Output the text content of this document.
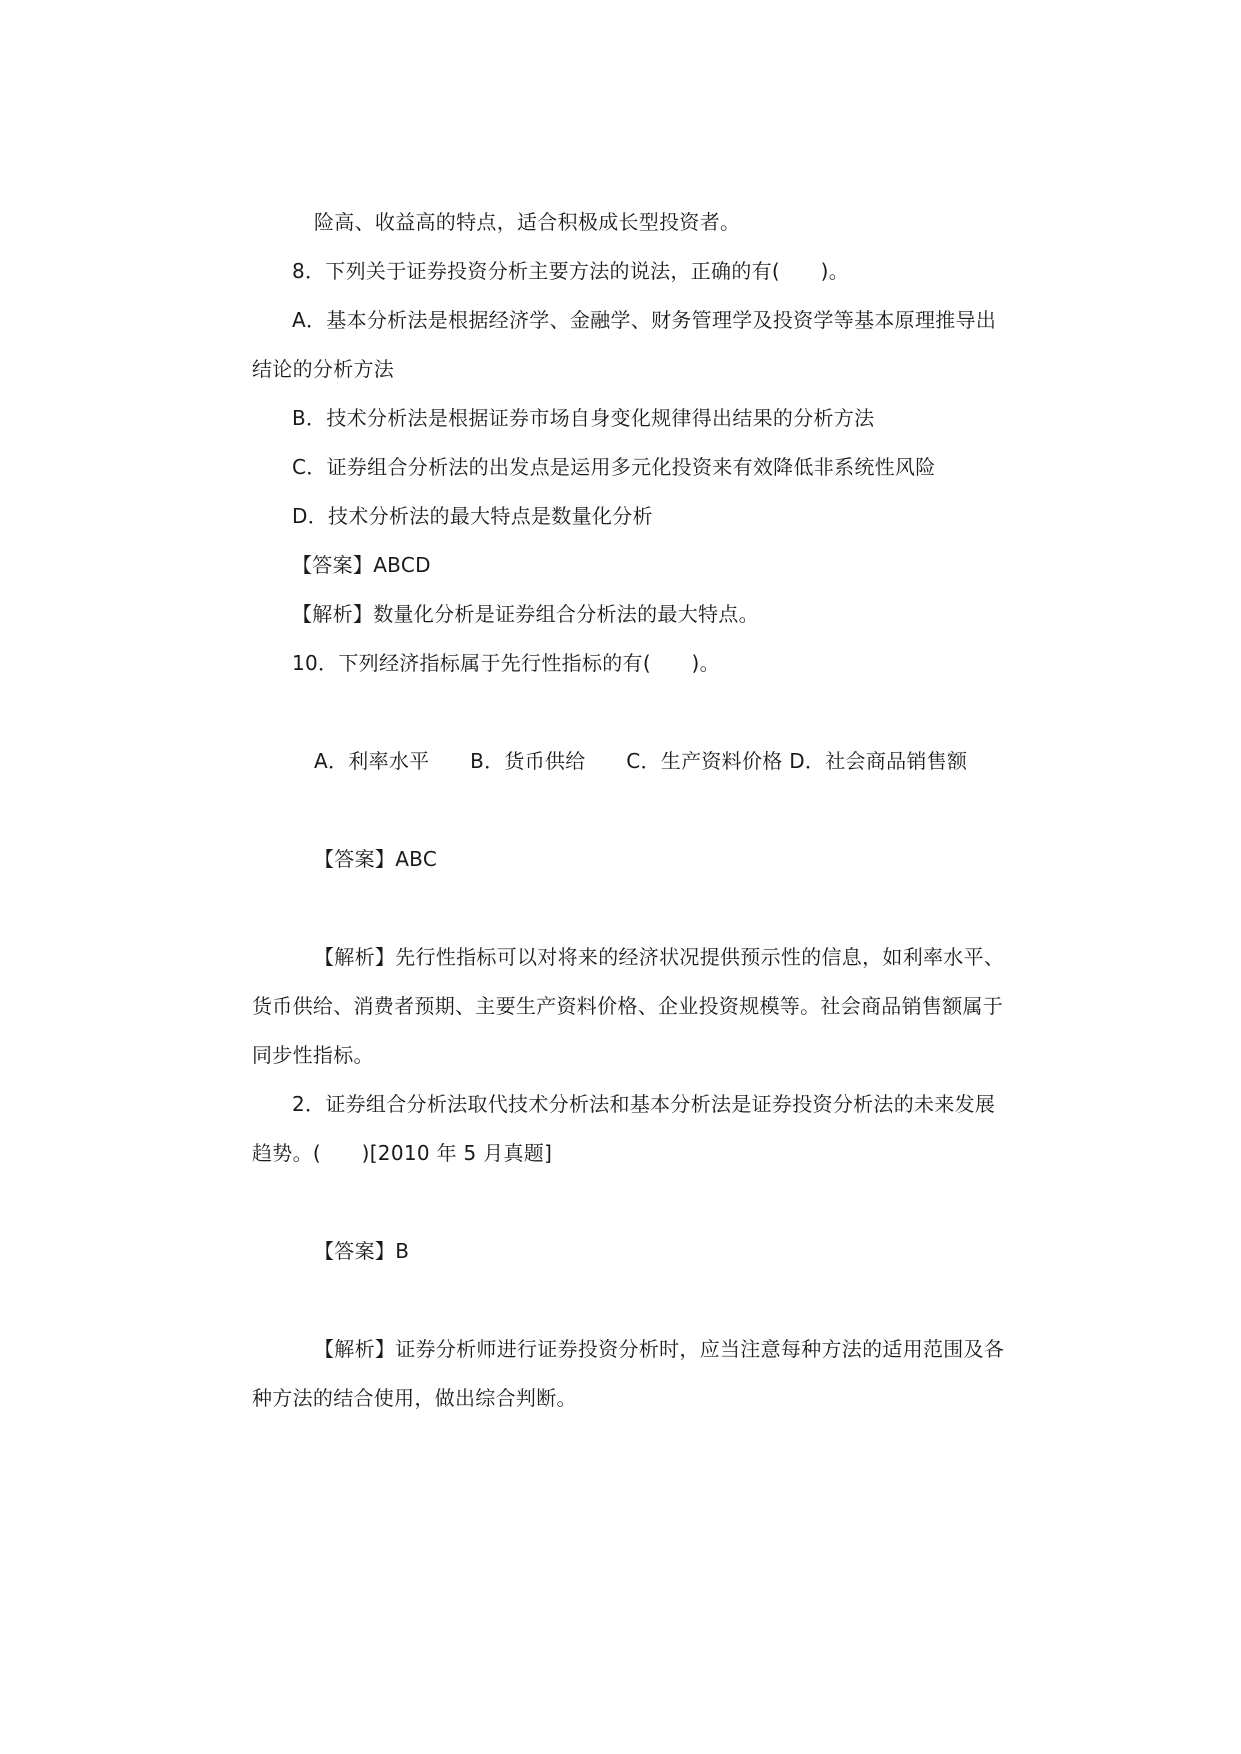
险高、收益高的特点，适合积极成长型投资者。
8．下列关于证券投资分析主要方法的说法，正确的有(　　)。
A．基本分析法是根据经济学、金融学、财务管理学及投资学等基本原理推导出
结论的分析方法
B．技术分析法是根据证券市场自身变化规律得出结果的分析方法
C．证券组合分析法的出发点是运用多元化投资来有效降低非系统性风险
D．技术分析法的最大特点是数量化分析
【答案】ABCD
【解析】数量化分析是证券组合分析法的最大特点。
10．下列经济指标属于先行性指标的有(　　)。
A．利率水平　　B．货币供给　　C．生产资料价格 D．社会商品销售额
【答案】ABC
【解析】先行性指标可以对将来的经济状况提供预示性的信息，如利率水平、
货币供给、消费者预期、主要生产资料价格、企业投资规模等。社会商品销售额属于
同步性指标。
2．证券组合分析法取代技术分析法和基本分析法是证券投资分析法的未来发展
趋势。(　　)[2010 年 5 月真题]
【答案】B
【解析】证券分析师进行证券投资分析时，应当注意每种方法的适用范围及各
种方法的结合使用，做出综合判断。
